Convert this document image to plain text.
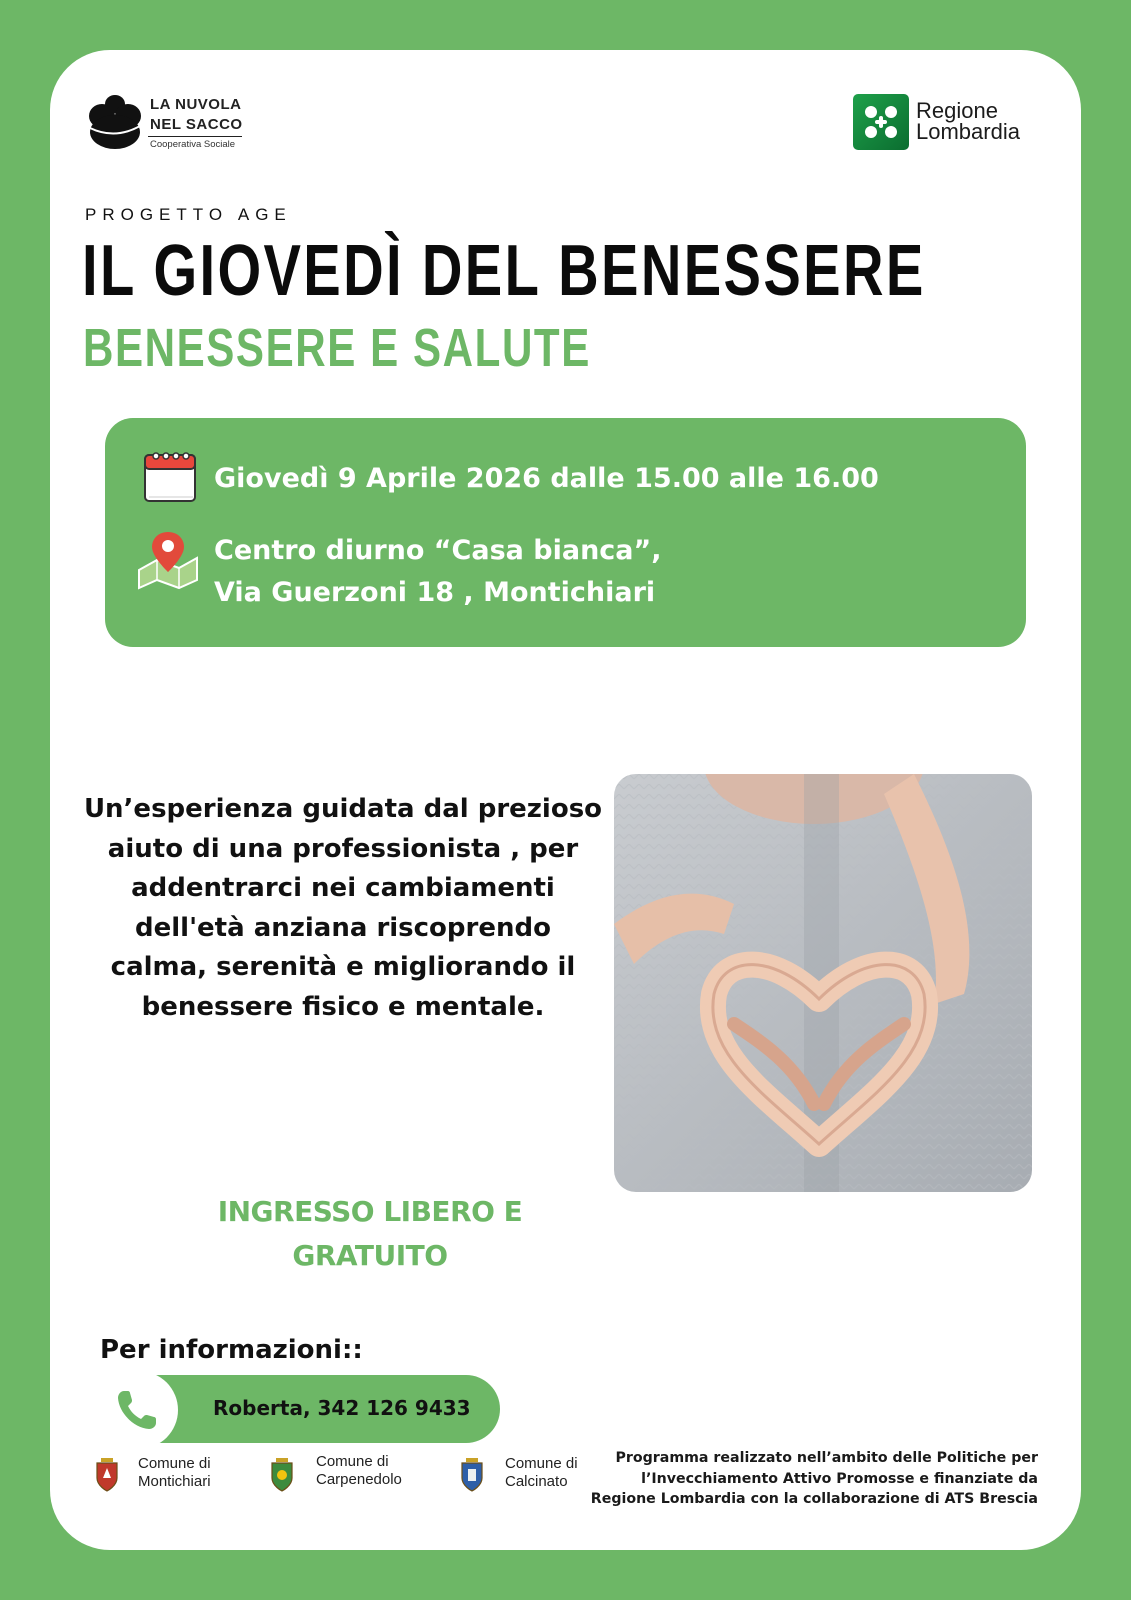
LA NUVOLA
NEL SACCO
Cooperativa Sociale
Regione
Lombardia
PROGETTO AGE
IL GIOVEDÌ DEL BENESSERE
BENESSERE E SALUTE
Giovedì 9 Aprile 2026 dalle 15.00 alle 16.00
Centro diurno “Casa bianca”,
Via Guerzoni 18 , Montichiari
Un’esperienza guidata dal prezioso
aiuto di una professionista , per
addentrarci nei cambiamenti
dell'età anziana riscoprendo
calma, serenità e migliorando il
benessere fisico e mentale.
INGRESSO LIBERO E
GRATUITO
Per informazioni::
Roberta, 342 126 9433
Comune di
Montichiari
Comune di
Carpenedolo
Comune di
Calcinato
Programma realizzato nell’ambito delle Politiche per
l’Invecchiamento Attivo Promosse e finanziate da
Regione Lombardia con la collaborazione di ATS Brescia
